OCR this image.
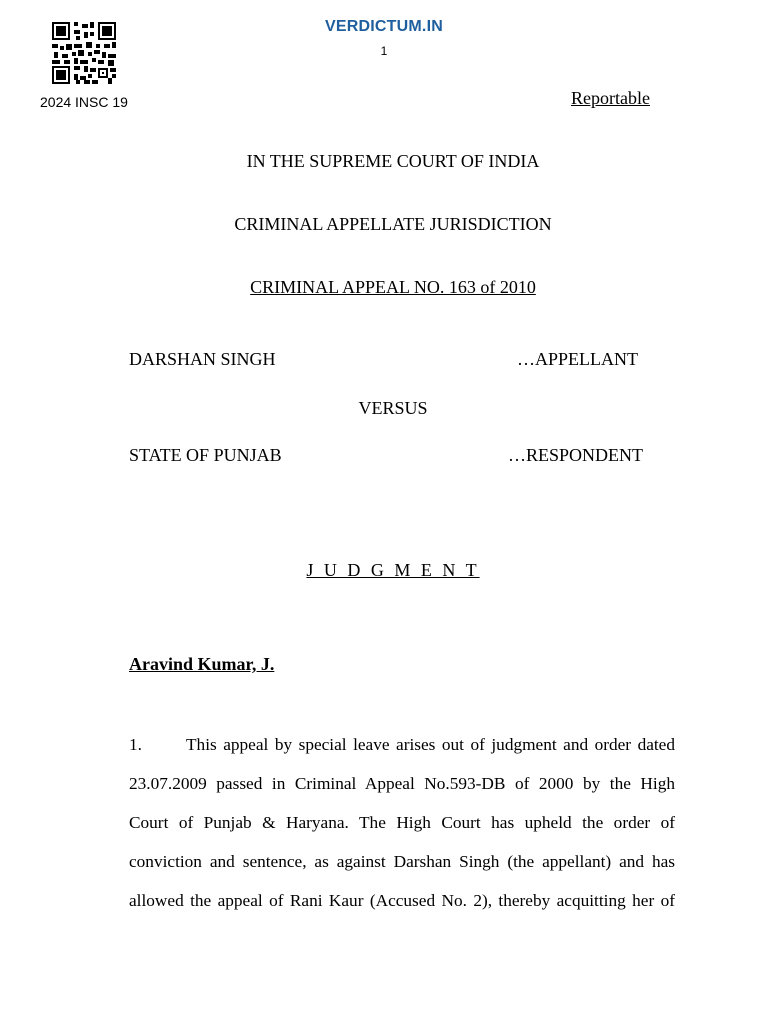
VERDICTUM.IN
1
2024 INSC 19	Reportable
IN THE SUPREME COURT OF INDIA
CRIMINAL APPELLATE JURISDICTION
CRIMINAL APPEAL NO. 163 of 2010
DARSHAN SINGH	…APPELLANT
VERSUS
STATE OF PUNJAB	…RESPONDENT
J U D G M E N T
Aravind Kumar, J.
1.	This appeal by special leave arises out of judgment and order dated
23.07.2009 passed in Criminal Appeal No.593-DB of 2000 by the High
Court of Punjab & Haryana. The High Court has upheld the order of
conviction and sentence, as against Darshan Singh (the appellant) and has
allowed the appeal of Rani Kaur (Accused No. 2), thereby acquitting her of
